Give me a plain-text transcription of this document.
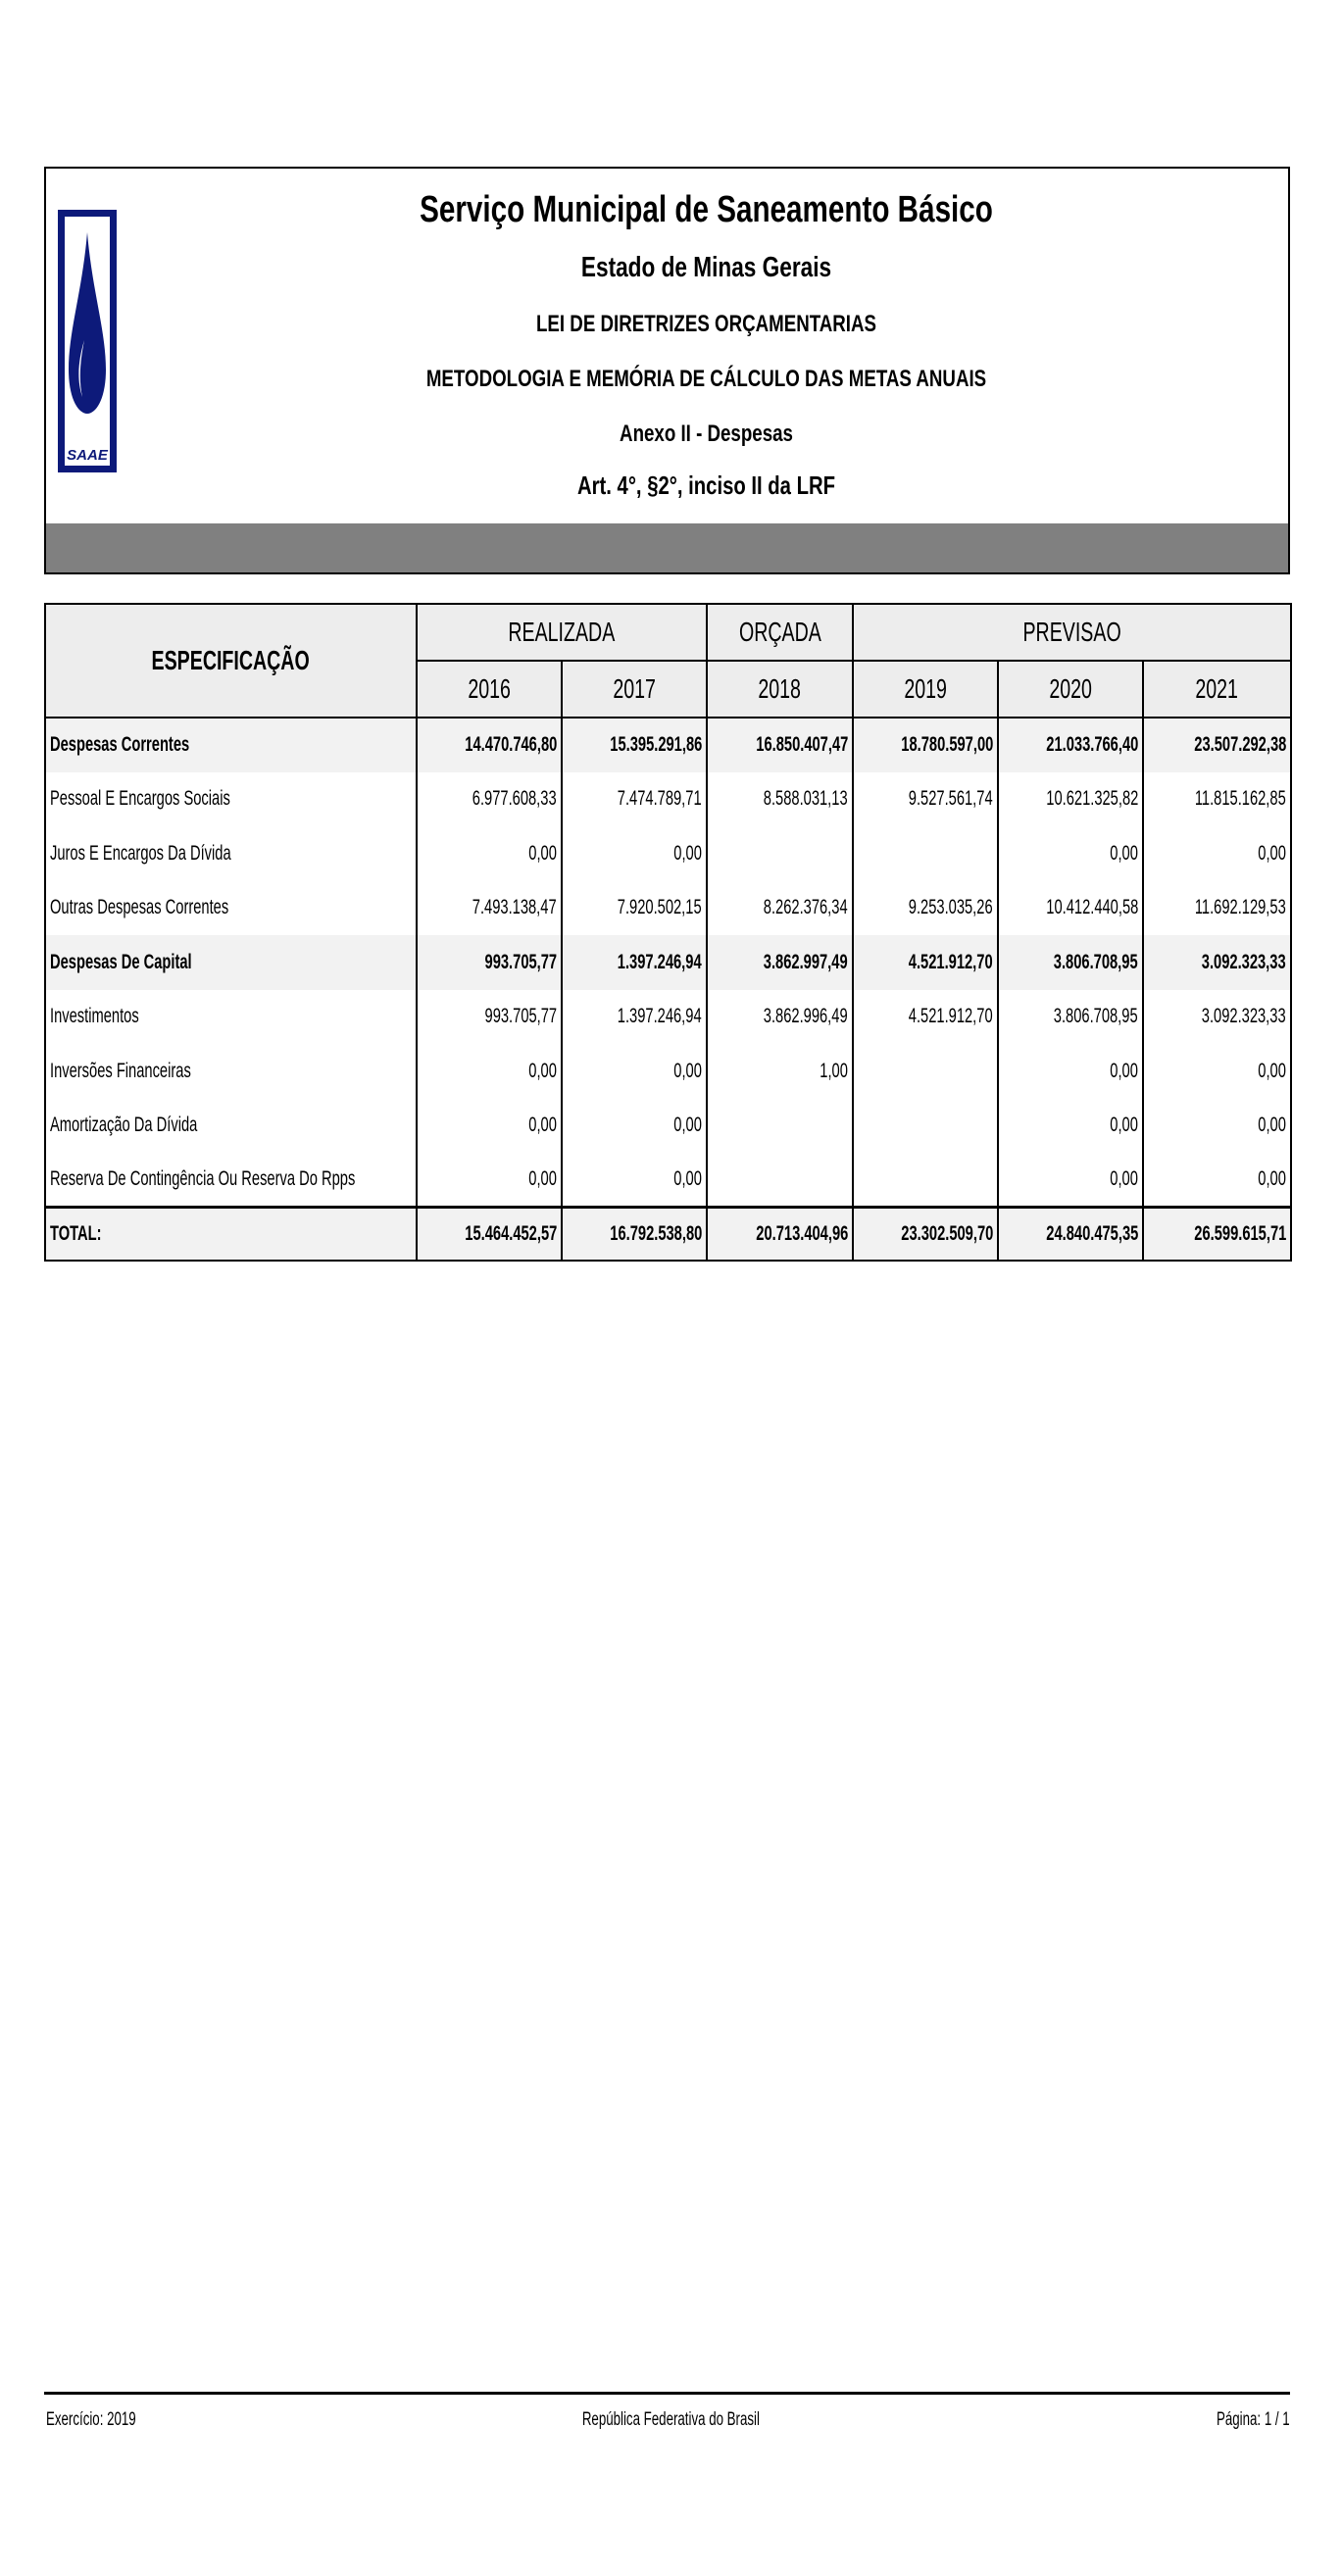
SAAE
Serviço Municipal de Saneamento Básico
Estado de Minas Gerais
LEI DE DIRETRIZES ORÇAMENTARIAS
METODOLOGIA E MEMÓRIA DE CÁLCULO DAS METAS ANUAIS
Anexo II - Despesas
Art. 4°, §2°, inciso II da LRF
ESPECIFICAÇÃO	REALIZADA		ORÇADA	PREVISAO		
	2016	2017	2018	2019	2020	2021
Despesas Correntes	14.470.746,80	15.395.291,86	16.850.407,47	18.780.597,00	21.033.766,40	23.507.292,38
Pessoal E Encargos Sociais	6.977.608,33	7.474.789,71	8.588.031,13	9.527.561,74	10.621.325,82	11.815.162,85
Juros E Encargos Da Dívida	0,00	0,00			0,00	0,00
Outras Despesas Correntes	7.493.138,47	7.920.502,15	8.262.376,34	9.253.035,26	10.412.440,58	11.692.129,53
Despesas De Capital	993.705,77	1.397.246,94	3.862.997,49	4.521.912,70	3.806.708,95	3.092.323,33
Investimentos	993.705,77	1.397.246,94	3.862.996,49	4.521.912,70	3.806.708,95	3.092.323,33
Inversões Financeiras	0,00	0,00	1,00		0,00	0,00
Amortização Da Dívida	0,00	0,00			0,00	0,00
Reserva De Contingência Ou Reserva Do Rpps	0,00	0,00			0,00	0,00
TOTAL:	15.464.452,57	16.792.538,80	20.713.404,96	23.302.509,70	24.840.475,35	26.599.615,71
Exercício: 2019	República Federativa do Brasil	Página: 1 / 1
